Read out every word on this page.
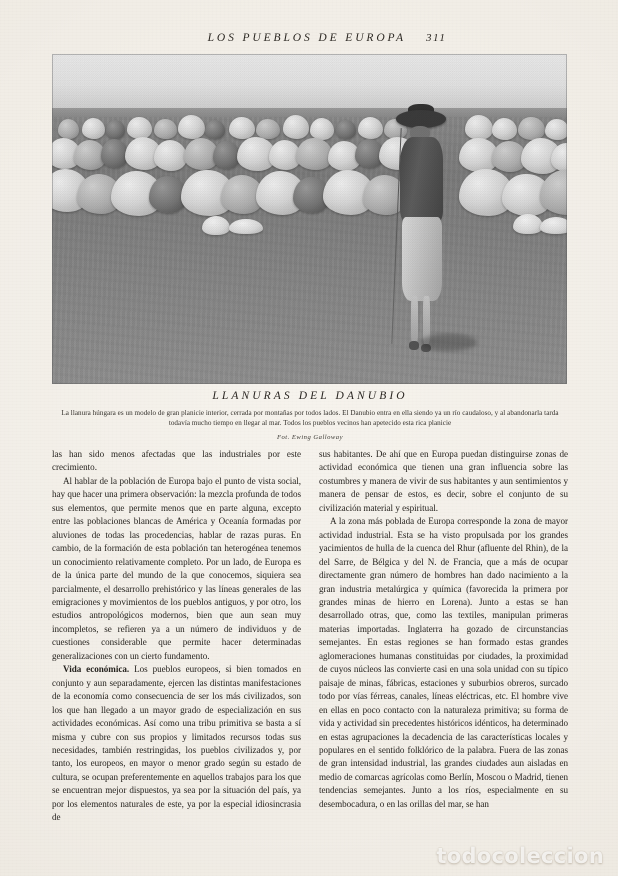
LOS PUEBLOS DE EUROPA 311
LLANURAS DEL DANUBIO
La llanura húngara es un modelo de gran planicie interior, cerrada por montañas por todos lados. El Danubio entra en ella siendo ya un río caudaloso, y al abandonarla tarda todavía mucho tiempo en llegar al mar. Todos los pueblos vecinos han apetecido esta rica planicie
Fot. Ewing Galloway

las han sido menos afectadas que las industriales por este crecimiento.

Al hablar de la población de Europa bajo el punto de vista social, hay que hacer una primera observación: la mezcla profunda de todos sus elementos, que permite menos que en parte alguna, excepto entre las poblaciones blancas de América y Oceanía formadas por aluviones de todas las procedencias, hablar de razas puras. En cambio, de la formación de esta población tan heterogénea tenemos un conocimiento relativamente completo. Por un lado, de Europa es de la única parte del mundo de la que conocemos, siquiera sea parcialmente, el desarrollo prehistórico y las líneas generales de las emigraciones y movimientos de los pueblos antiguos, y por otro, los estudios antropológicos modernos, bien que aun sean muy incompletos, se refieren ya a un número de individuos y de cuestiones considerable que permite hacer determinadas generalizaciones con un cierto fundamento.

Vida económica. Los pueblos europeos, si bien tomados en conjunto y aun separadamente, ejercen las distintas manifestaciones de la economía como consecuencia de ser los más civilizados, son los que han llegado a un mayor grado de especialización en sus actividades económicas. Así como una tribu primitiva se basta a sí misma y cubre con sus propios y limitados recursos todas sus necesidades, también restringidas, los pueblos civilizados y, por tanto, los europeos, en mayor o menor grado según su estado de cultura, se ocupan preferentemente en aquellos trabajos para los que se encuentran mejor dispuestos, ya sea por la situación del país, ya por los elementos naturales de este, ya por la especial idiosincrasia de

sus habitantes. De ahí que en Europa puedan distinguirse zonas de actividad económica que tienen una gran influencia sobre las costumbres y manera de vivir de sus habitantes y aun sentimientos y manera de pensar de estos, es decir, sobre el conjunto de su civilización material y espiritual.

A la zona más poblada de Europa corresponde la zona de mayor actividad industrial. Esta se ha visto propulsada por los grandes yacimientos de hulla de la cuenca del Rhur (afluente del Rhin), de la del Sarre, de Bélgica y del N. de Francia, que a más de ocupar directamente gran número de hombres han dado nacimiento a la gran industria metalúrgica y química (favorecida la primera por grandes minas de hierro en Lorena). Junto a estas se han desarrollado otras, que, como las textiles, manipulan primeras materias importadas. Inglaterra ha gozado de circunstancias semejantes. En estas regiones se han formado estas grandes aglomeraciones humanas constituidas por ciudades, la proximidad de cuyos núcleos las convierte casi en una sola unidad con su típico paisaje de minas, fábricas, estaciones y suburbios obreros, surcado todo por vías férreas, canales, líneas eléctricas, etc. El hombre vive en ellas en poco contacto con la naturaleza primitiva; su forma de vida y actividad sin precedentes históricos idénticos, ha determinado en estas agrupaciones la decadencia de las características locales y populares en el sentido folklórico de la palabra. Fuera de las zonas de gran intensidad industrial, las grandes ciudades aun aisladas en medio de comarcas agrícolas como Berlín, Moscou o Madrid, tienen tendencias semejantes. Junto a los ríos, especialmente en su desembocadura, o en las orillas del mar, se han

todocoleccion
